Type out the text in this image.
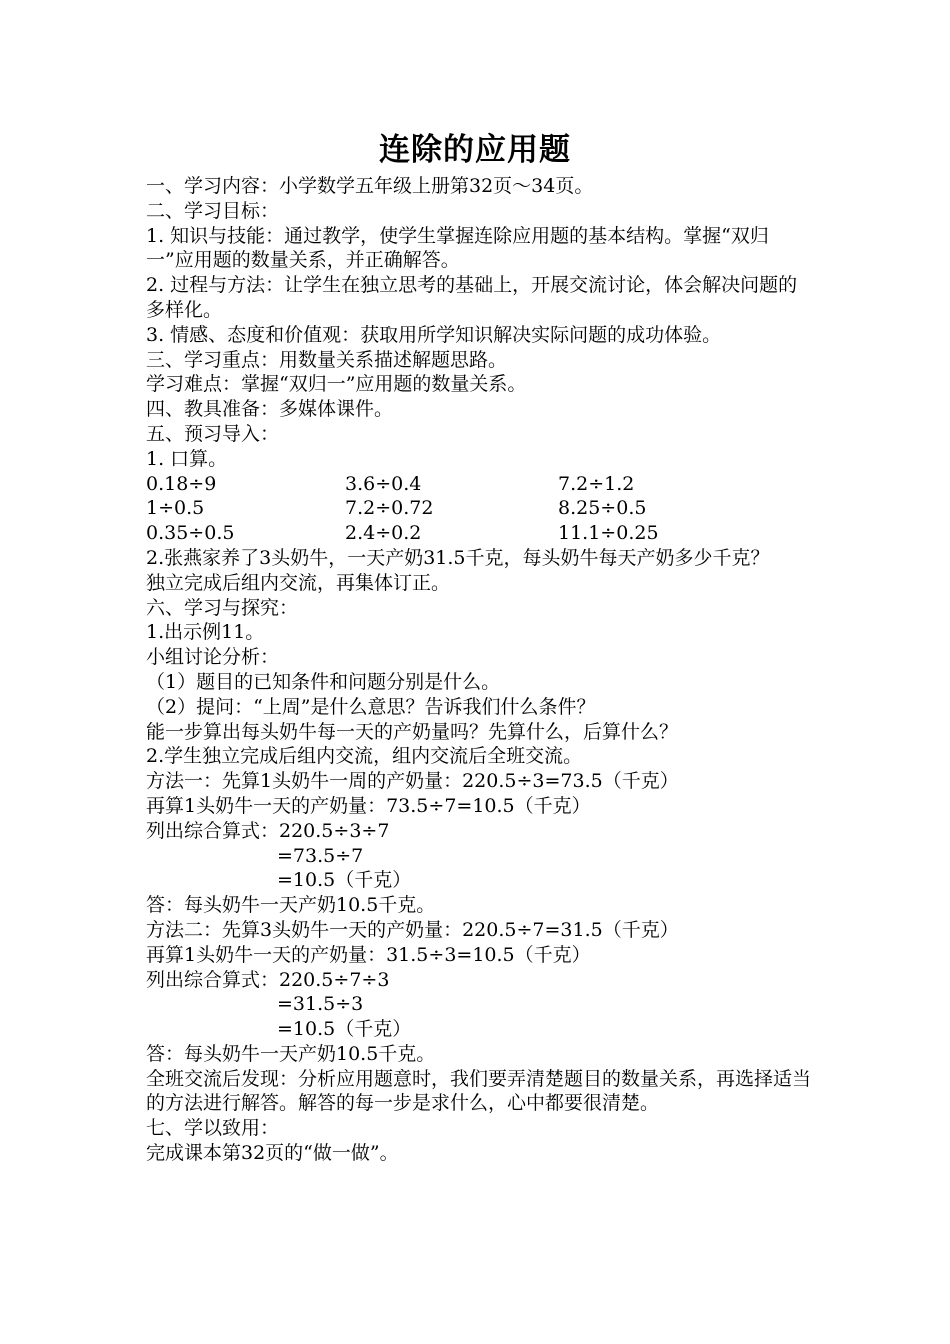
连除的应用题

一、学习内容：小学数学五年级上册第32页～34页。

二、学习目标：

1. 知识与技能：通过教学，使学生掌握连除应用题的基本结构。掌握“双归一”应用题的数量关系，并正确解答。

2. 过程与方法：让学生在独立思考的基础上，开展交流讨论，体会解决问题的多样化。

3. 情感、态度和价值观：获取用所学知识解决实际问题的成功体验。

三、学习重点：用数量关系描述解题思路。

学习难点：掌握“双归一”应用题的数量关系。

四、教具准备：多媒体课件。

五、预习导入：

1. 口算。

0.18÷9	3.6÷0.4	7.2÷1.2
1÷0.5	7.2÷0.72	8.25÷0.5
0.35÷0.5	2.4÷0.2	11.1÷0.25

2.张燕家养了3头奶牛，一天产奶31.5千克，每头奶牛每天产奶多少千克？

独立完成后组内交流，再集体订正。

六、学习与探究：

1.出示例11。

小组讨论分析：

（1）题目的已知条件和问题分别是什么。

（2）提问：“上周”是什么意思？告诉我们什么条件？

能一步算出每头奶牛每一天的产奶量吗？先算什么，后算什么？

2.学生独立完成后组内交流，组内交流后全班交流。

方法一：先算1头奶牛一周的产奶量：220.5÷3=73.5（千克）

再算1头奶牛一天的产奶量：73.5÷7=10.5（千克）

列出综合算式：220.5÷3÷7

=73.5÷7

=10.5（千克）

答：每头奶牛一天产奶10.5千克。

方法二：先算3头奶牛一天的产奶量：220.5÷7=31.5（千克）

再算1头奶牛一天的产奶量：31.5÷3=10.5（千克）

列出综合算式：220.5÷7÷3

=31.5÷3

=10.5（千克）

答：每头奶牛一天产奶10.5千克。

全班交流后发现：分析应用题意时，我们要弄清楚题目的数量关系，再选择适当的方法进行解答。解答的每一步是求什么，心中都要很清楚。

七、学以致用：

完成课本第32页的“做一做”。
